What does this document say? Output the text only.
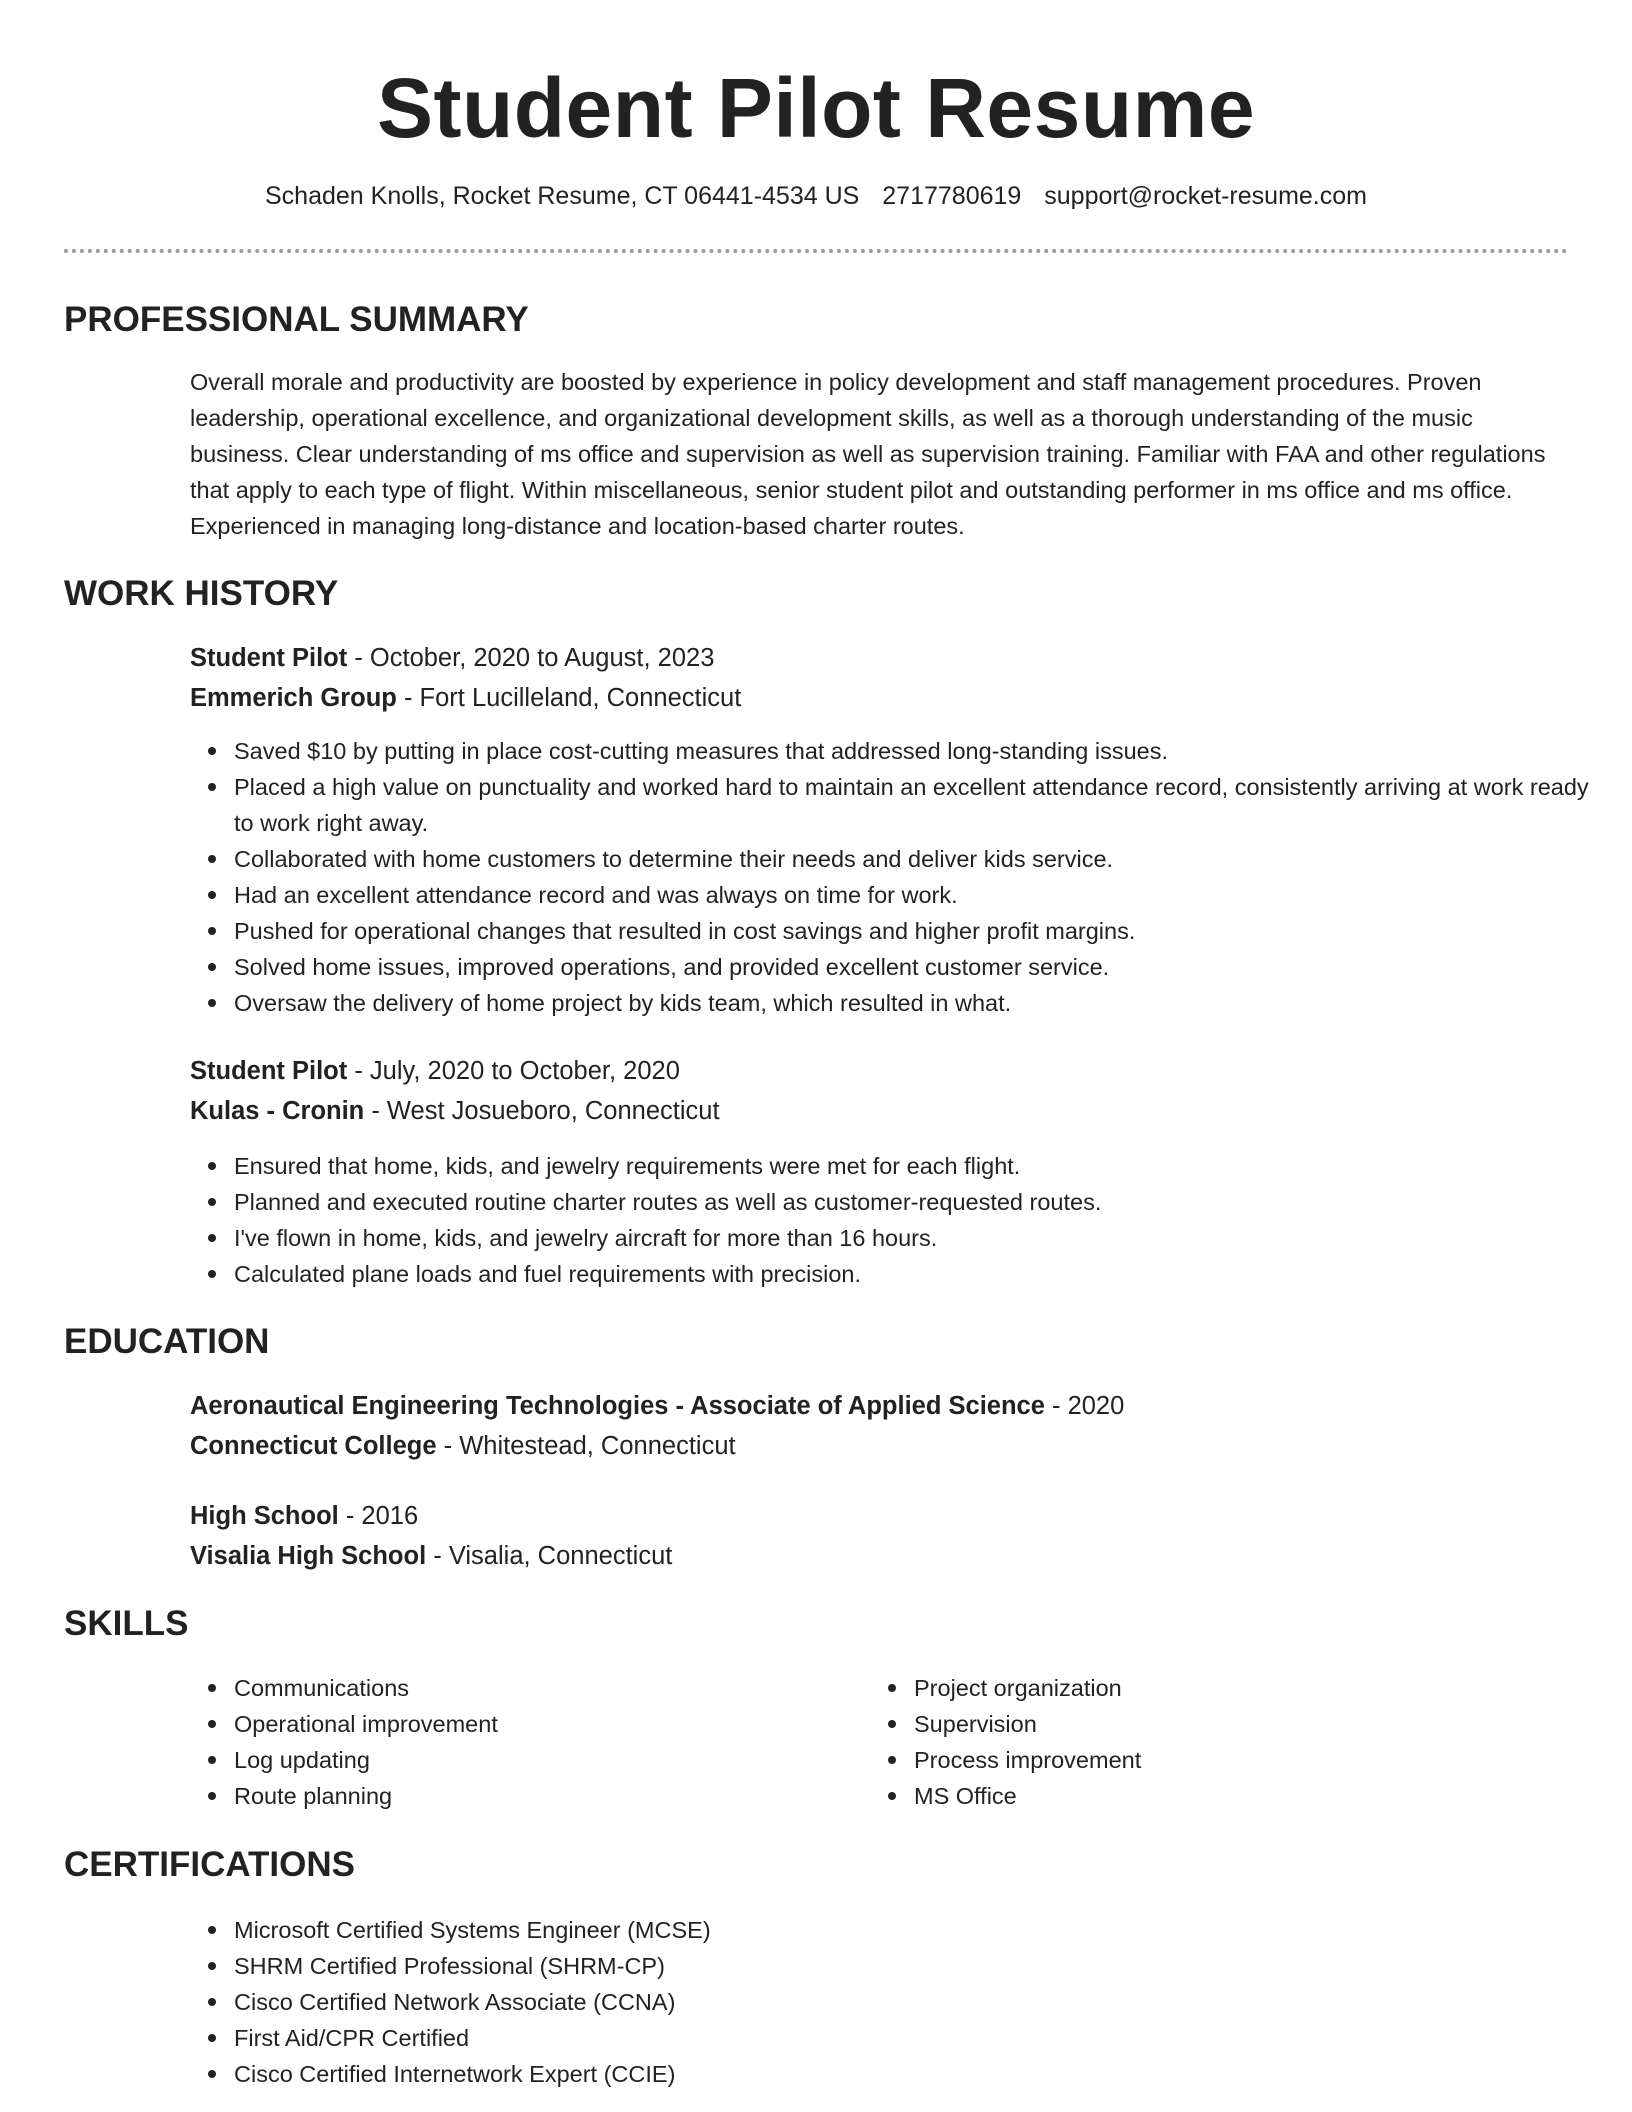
Student Pilot Resume
Schaden Knolls, Rocket Resume, CT 06441-4534 US 2717780619 support@rocket-resume.com
PROFESSIONAL SUMMARY

Overall morale and productivity are boosted by experience in policy development and staff management procedures. Proven leadership, operational excellence, and organizational development skills, as well as a thorough understanding of the music business. Clear understanding of ms office and supervision as well as supervision training. Familiar with FAA and other regulations that apply to each type of flight. Within miscellaneous, senior student pilot and outstanding performer in ms office and ms office. Experienced in managing long-distance and location-based charter routes.

WORK HISTORY
Student Pilot - October, 2020 to August, 2023
Emmerich Group - Fort Lucilleland, Connecticut
Saved $10 by putting in place cost-cutting measures that addressed long-standing issues.
Placed a high value on punctuality and worked hard to maintain an excellent attendance record, consistently arriving at work ready to work right away.
Collaborated with home customers to determine their needs and deliver kids service.
Had an excellent attendance record and was always on time for work.
Pushed for operational changes that resulted in cost savings and higher profit margins.
Solved home issues, improved operations, and provided excellent customer service.
Oversaw the delivery of home project by kids team, which resulted in what.
Student Pilot - July, 2020 to October, 2020
Kulas - Cronin - West Josueboro, Connecticut
Ensured that home, kids, and jewelry requirements were met for each flight.
Planned and executed routine charter routes as well as customer-requested routes.
I've flown in home, kids, and jewelry aircraft for more than 16 hours.
Calculated plane loads and fuel requirements with precision.
EDUCATION
Aeronautical Engineering Technologies - Associate of Applied Science - 2020
Connecticut College - Whitestead, Connecticut
High School - 2016
Visalia High School - Visalia, Connecticut
SKILLS
Communications
Operational improvement
Log updating
Route planning
Project organization
Supervision
Process improvement
MS Office
CERTIFICATIONS
Microsoft Certified Systems Engineer (MCSE)
SHRM Certified Professional (SHRM-CP)
Cisco Certified Network Associate (CCNA)
First Aid/CPR Certified
Cisco Certified Internetwork Expert (CCIE)
